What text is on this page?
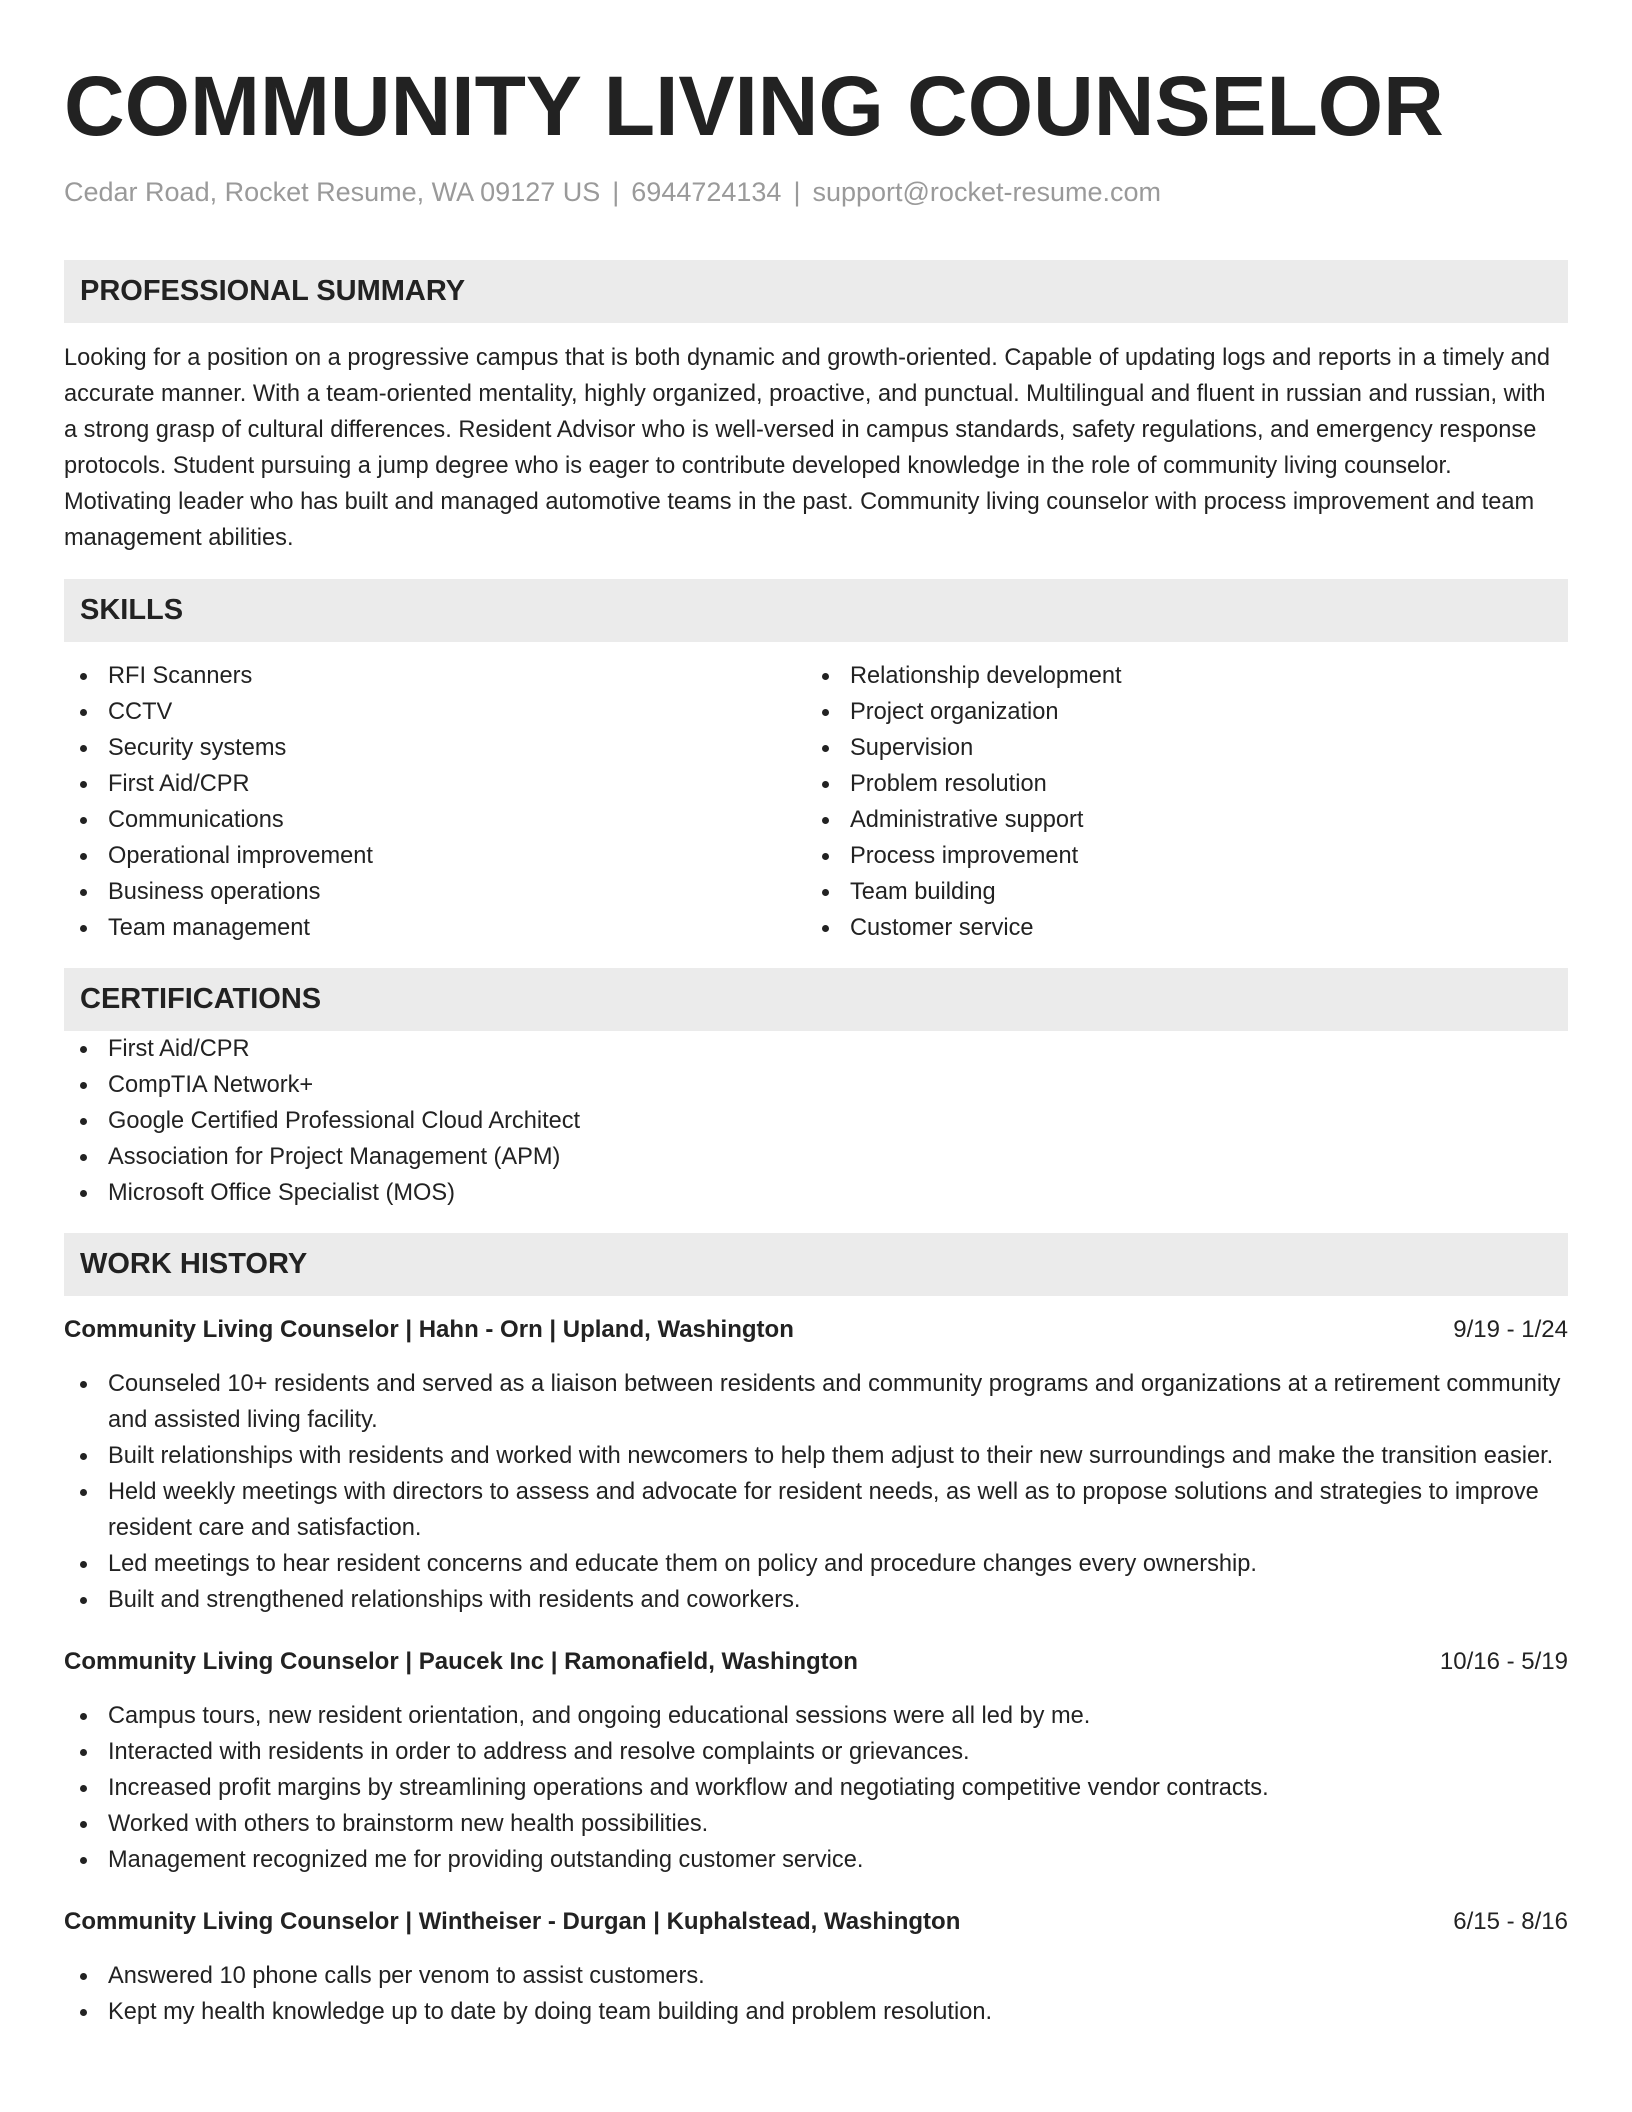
COMMUNITY LIVING COUNSELOR
Cedar Road, Rocket Resume, WA 09127 US | 6944724134 | support@rocket-resume.com
PROFESSIONAL SUMMARY

Looking for a position on a progressive campus that is both dynamic and growth-oriented. Capable of updating logs and reports in a timely and accurate manner. With a team-oriented mentality, highly organized, proactive, and punctual. Multilingual and fluent in russian and russian, with a strong grasp of cultural differences. Resident Advisor who is well-versed in campus standards, safety regulations, and emergency response protocols. Student pursuing a jump degree who is eager to contribute developed knowledge in the role of community living counselor. Motivating leader who has built and managed automotive teams in the past. Community living counselor with process improvement and team management abilities.

SKILLS
RFI Scanners
CCTV
Security systems
First Aid/CPR
Communications
Operational improvement
Business operations
Team management
Relationship development
Project organization
Supervision
Problem resolution
Administrative support
Process improvement
Team building
Customer service
CERTIFICATIONS
First Aid/CPR
CompTIA Network+
Google Certified Professional Cloud Architect
Association for Project Management (APM)
Microsoft Office Specialist (MOS)
WORK HISTORY
Community Living Counselor | Hahn - Orn | Upland, Washington	9/19 - 1/24
Counseled 10+ residents and served as a liaison between residents and community programs and organizations at a retirement community and assisted living facility.
Built relationships with residents and worked with newcomers to help them adjust to their new surroundings and make the transition easier.
Held weekly meetings with directors to assess and advocate for resident needs, as well as to propose solutions and strategies to improve resident care and satisfaction.
Led meetings to hear resident concerns and educate them on policy and procedure changes every ownership.
Built and strengthened relationships with residents and coworkers.
Community Living Counselor | Paucek Inc | Ramonafield, Washington	10/16 - 5/19
Campus tours, new resident orientation, and ongoing educational sessions were all led by me.
Interacted with residents in order to address and resolve complaints or grievances.
Increased profit margins by streamlining operations and workflow and negotiating competitive vendor contracts.
Worked with others to brainstorm new health possibilities.
Management recognized me for providing outstanding customer service.
Community Living Counselor | Wintheiser - Durgan | Kuphalstead, Washington	6/15 - 8/16
Answered 10 phone calls per venom to assist customers.
Kept my health knowledge up to date by doing team building and problem resolution.
